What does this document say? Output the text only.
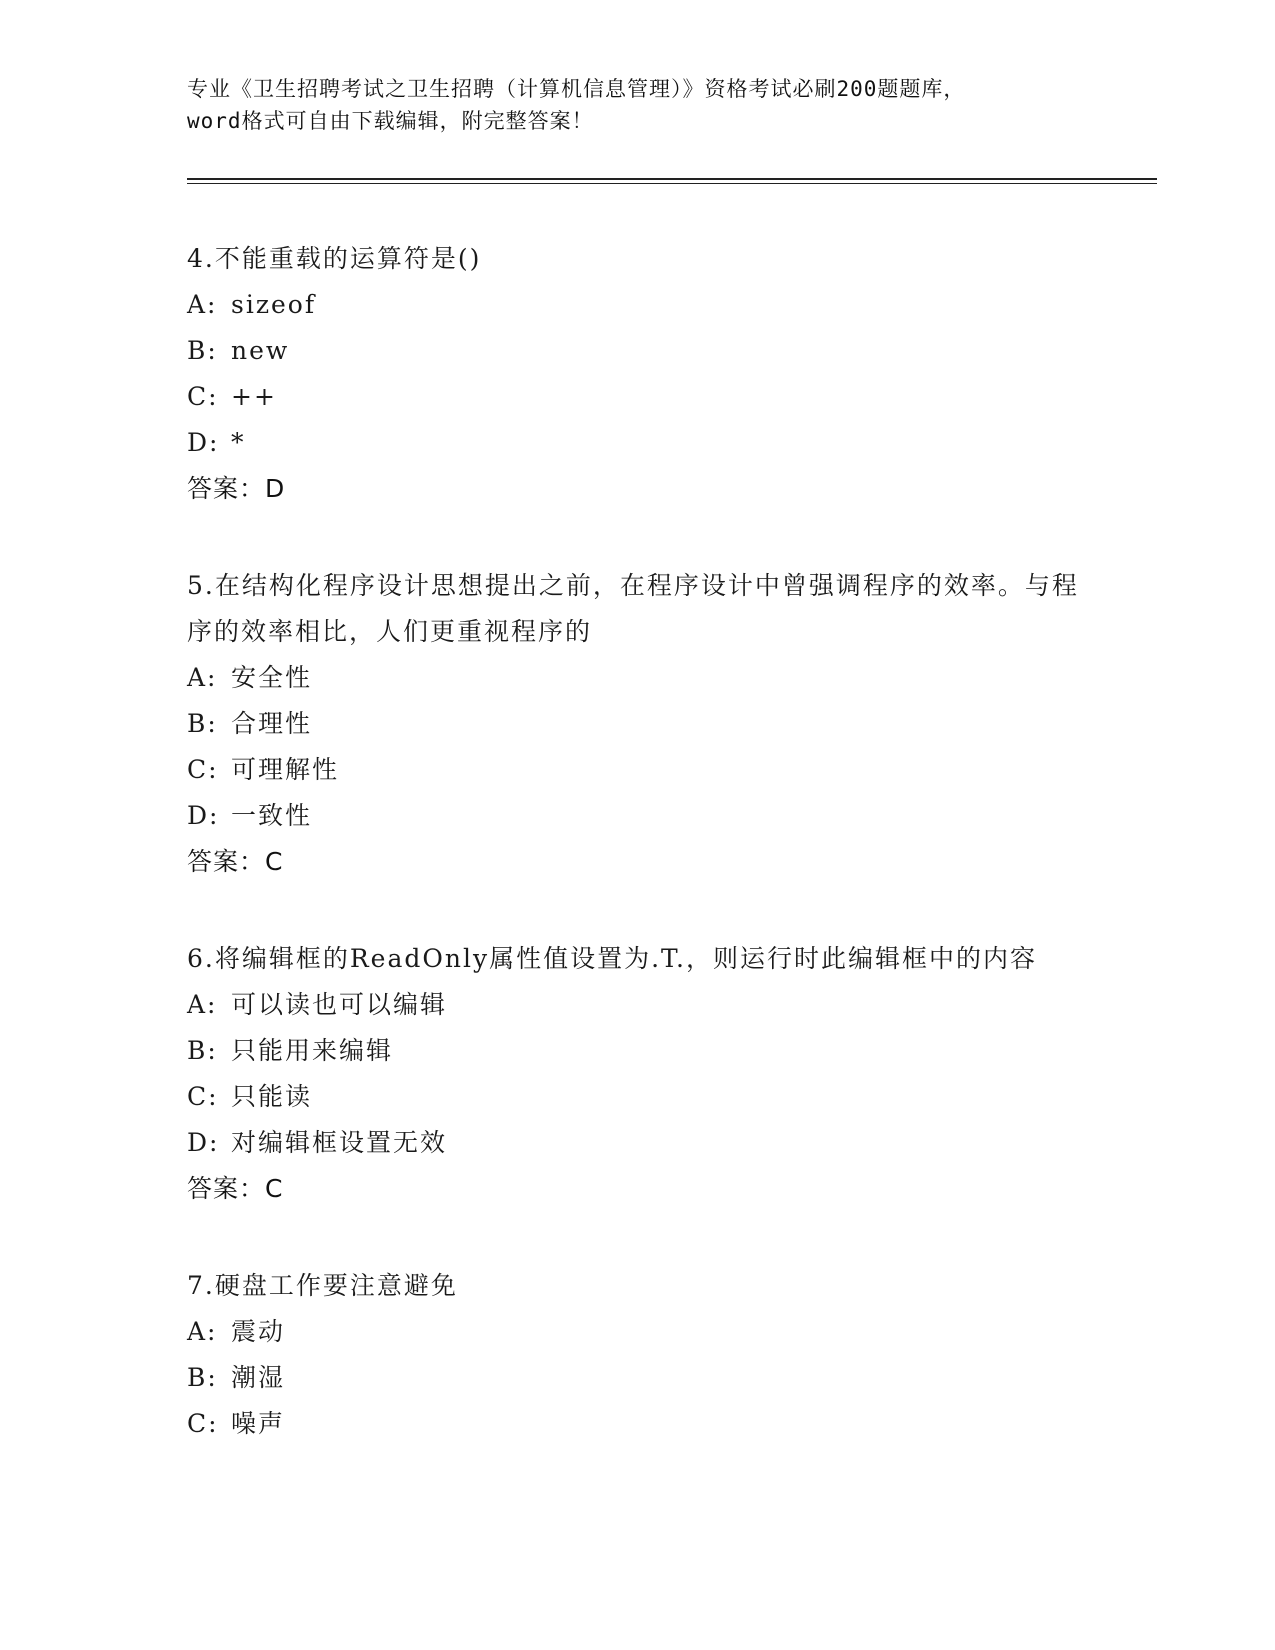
专业《卫生招聘考试之卫生招聘（计算机信息管理）》资格考试必刷200题题库，
word格式可自由下载编辑，附完整答案！
4.不能重载的运算符是()
A: sizeof
B: new
C: ++
D: *
答案：D
5.在结构化程序设计思想提出之前，在程序设计中曾强调程序的效率。与程序的效率相比，人们更重视程序的
A: 安全性
B: 合理性
C: 可理解性
D: 一致性
答案：C
6.将编辑框的ReadOnly属性值设置为.T.，则运行时此编辑框中的内容
A: 可以读也可以编辑
B: 只能用来编辑
C: 只能读
D: 对编辑框设置无效
答案：C
7.硬盘工作要注意避免
A: 震动
B: 潮湿
C: 噪声
